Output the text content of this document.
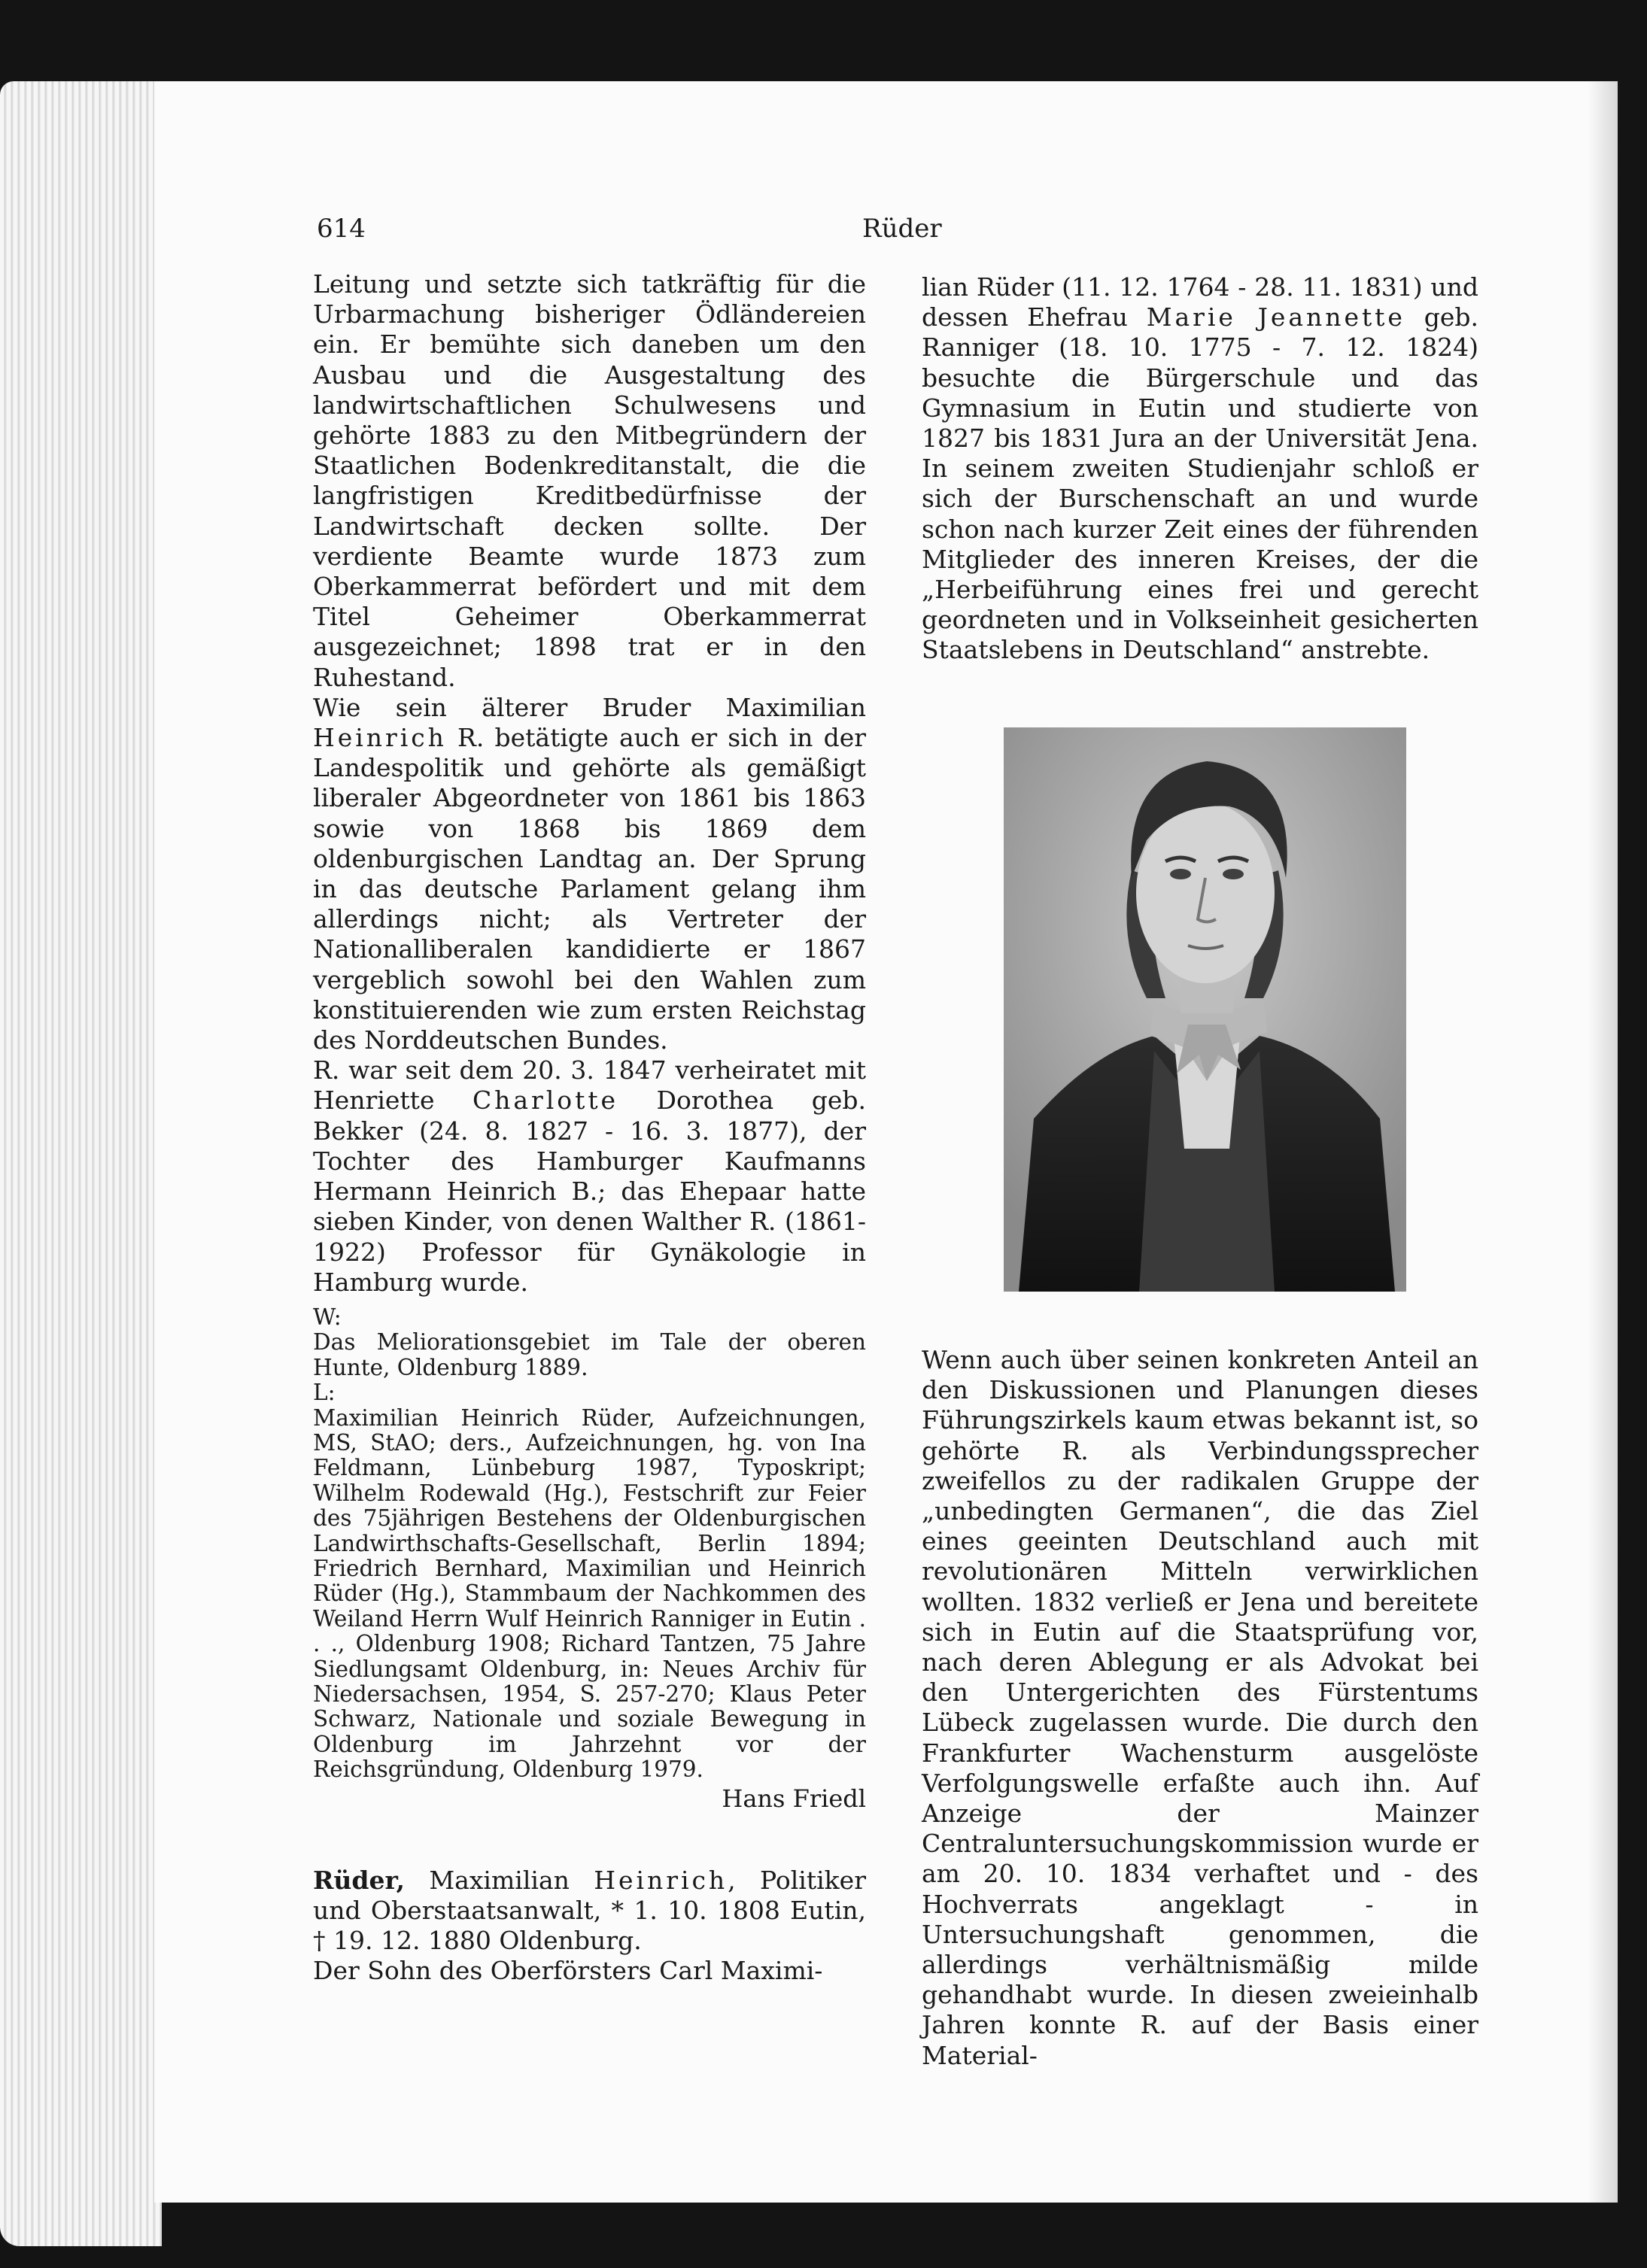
614	Rüder

Leitung und setzte sich tatkräftig für die Urbarmachung bisheriger Ödländereien ein. Er bemühte sich daneben um den Ausbau und die Ausgestaltung des landwirtschaftlichen Schulwesens und gehörte 1883 zu den Mitbegründern der Staatlichen Bodenkreditanstalt, die die langfristigen Kreditbedürfnisse der Landwirtschaft decken sollte. Der verdiente Beamte wurde 1873 zum Oberkammerrat befördert und mit dem Titel Geheimer Oberkammerrat ausgezeichnet; 1898 trat er in den Ruhestand.

Wie sein älterer Bruder Maximilian Heinrich R. betätigte auch er sich in der Landespolitik und gehörte als gemäßigt liberaler Abgeordneter von 1861 bis 1863 sowie von 1868 bis 1869 dem oldenburgischen Landtag an. Der Sprung in das deutsche Parlament gelang ihm allerdings nicht; als Vertreter der Nationalliberalen kandidierte er 1867 vergeblich sowohl bei den Wahlen zum konstituierenden wie zum ersten Reichstag des Norddeutschen Bundes.

R. war seit dem 20. 3. 1847 verheiratet mit Henriette Charlotte Dorothea geb. Bekker (24. 8. 1827 - 16. 3. 1877), der Tochter des Hamburger Kaufmanns Hermann Heinrich B.; das Ehepaar hatte sieben Kinder, von denen Walther R. (1861-1922) Professor für Gynäkologie in Hamburg wurde.

W:

Das Meliorationsgebiet im Tale der oberen Hunte, Oldenburg 1889.

L:

Maximilian Heinrich Rüder, Aufzeichnungen, MS, StAO; ders., Aufzeichnungen, hg. von Ina Feldmann, Lünbeburg 1987, Typoskript; Wilhelm Rodewald (Hg.), Festschrift zur Feier des 75jährigen Bestehens der Oldenburgischen Landwirthschafts-Gesellschaft, Berlin 1894; Friedrich Bernhard, Maximilian und Heinrich Rüder (Hg.), Stammbaum der Nachkommen des Weiland Herrn Wulf Heinrich Ranniger in Eutin . . ., Oldenburg 1908; Richard Tantzen, 75 Jahre Siedlungsamt Oldenburg, in: Neues Archiv für Niedersachsen, 1954, S. 257-270; Klaus Peter Schwarz, Nationale und soziale Bewegung in Oldenburg im Jahrzehnt vor der Reichsgründung, Oldenburg 1979.

Hans Friedl

Rüder, Maximilian Heinrich, Politiker und Oberstaatsanwalt, * 1. 10. 1808 Eutin, † 19. 12. 1880 Oldenburg.

Der Sohn des Oberförsters Carl Maximi-

lian Rüder (11. 12. 1764 - 28. 11. 1831) und dessen Ehefrau Marie Jeannette geb. Ranniger (18. 10. 1775 - 7. 12. 1824) besuchte die Bürgerschule und das Gymnasium in Eutin und studierte von 1827 bis 1831 Jura an der Universität Jena. In seinem zweiten Studienjahr schloß er sich der Burschenschaft an und wurde schon nach kurzer Zeit eines der führenden Mitglieder des inneren Kreises, der die „Herbeiführung eines frei und gerecht geordneten und in Volkseinheit gesicherten Staatslebens in Deutschland“ anstrebte.

Wenn auch über seinen konkreten Anteil an den Diskussionen und Planungen dieses Führungszirkels kaum etwas bekannt ist, so gehörte R. als Verbindungssprecher zweifellos zu der radikalen Gruppe der „unbedingten Germanen“, die das Ziel eines geeinten Deutschland auch mit revolutionären Mitteln verwirklichen wollten. 1832 verließ er Jena und bereitete sich in Eutin auf die Staatsprüfung vor, nach deren Ablegung er als Advokat bei den Untergerichten des Fürstentums Lübeck zugelassen wurde. Die durch den Frankfurter Wachensturm ausgelöste Verfolgungswelle erfaßte auch ihn. Auf Anzeige der Mainzer Centraluntersuchungskommission wurde er am 20. 10. 1834 verhaftet und - des Hochverrats angeklagt - in Untersuchungshaft genommen, die allerdings verhältnismäßig milde gehandhabt wurde. In diesen zweieinhalb Jahren konnte R. auf der Basis einer Material-
